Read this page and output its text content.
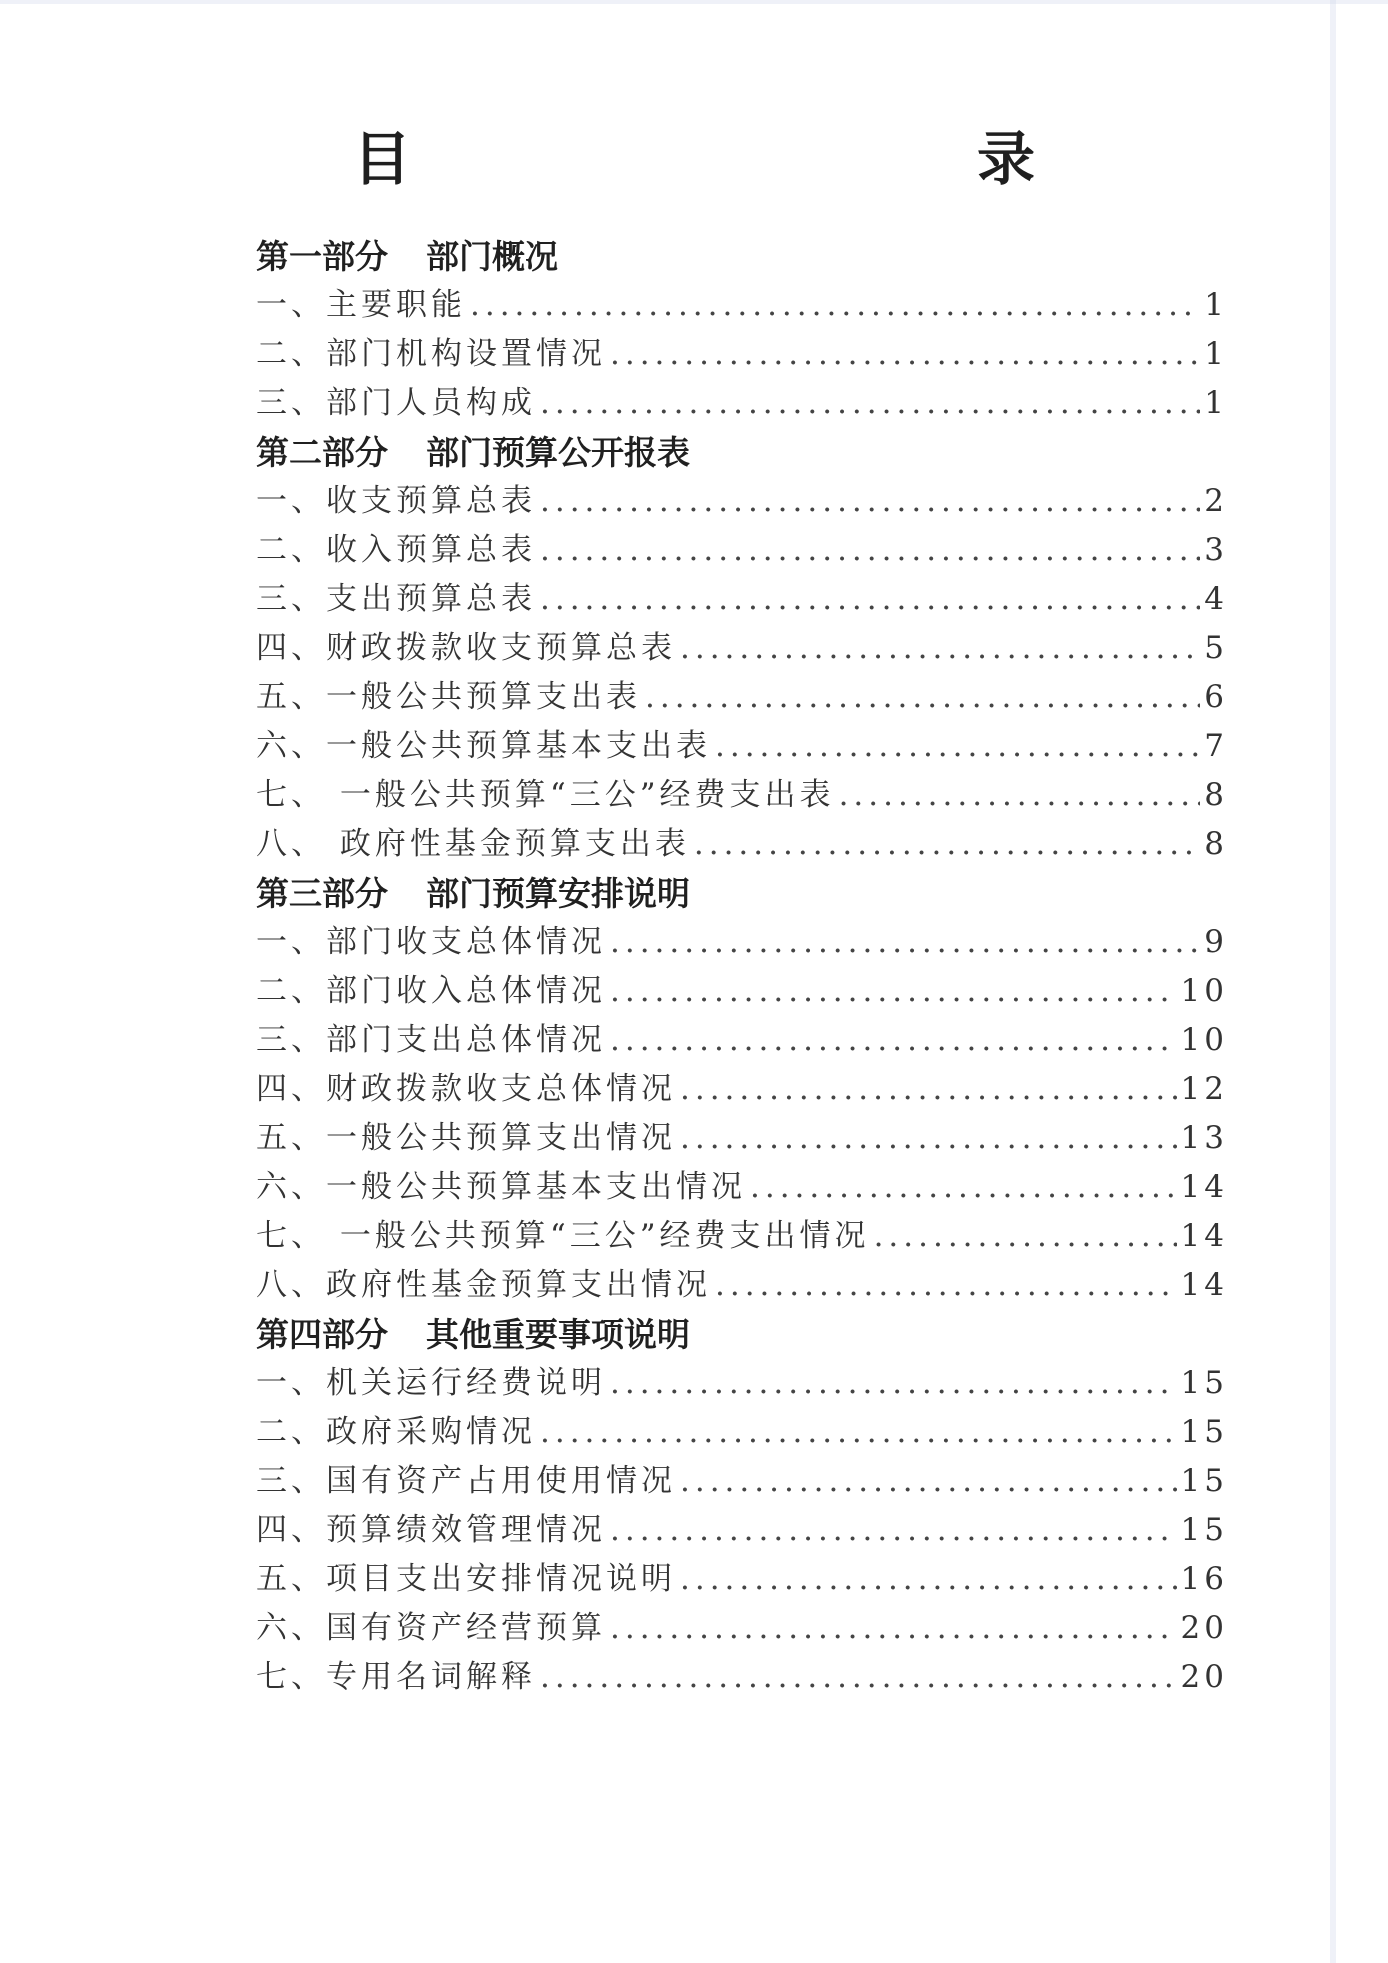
目　　录
第一部分 部门概况
一、主要职能 .....	1
二、部门机构设置情况 .....	1
三、部门人员构成 .....	1
第二部分 部门预算公开报表
一、收支预算总表 .....	2
二、收入预算总表 .....	3
三、支出预算总表 .....	4
四、财政拨款收支预算总表 .....	5
五、一般公共预算支出表 .....	6
六、一般公共预算基本支出表 .....	7
七、 一般公共预算“三公”经费支出表 .....	8
八、 政府性基金预算支出表 .....	8
第三部分 部门预算安排说明
一、部门收支总体情况 .....	9
二、部门收入总体情况 .....	10
三、部门支出总体情况 .....	10
四、财政拨款收支总体情况 .....	12
五、一般公共预算支出情况 .....	13
六、一般公共预算基本支出情况 .....	14
七、 一般公共预算“三公”经费支出情况 .....	14
八、政府性基金预算支出情况 .....	14
第四部分 其他重要事项说明
一、机关运行经费说明 .....	15
二、政府采购情况 .....	15
三、国有资产占用使用情况 .....	15
四、预算绩效管理情况 .....	15
五、项目支出安排情况说明 .....	16
六、国有资产经营预算 .....	20
七、专用名词解释 .....	20
